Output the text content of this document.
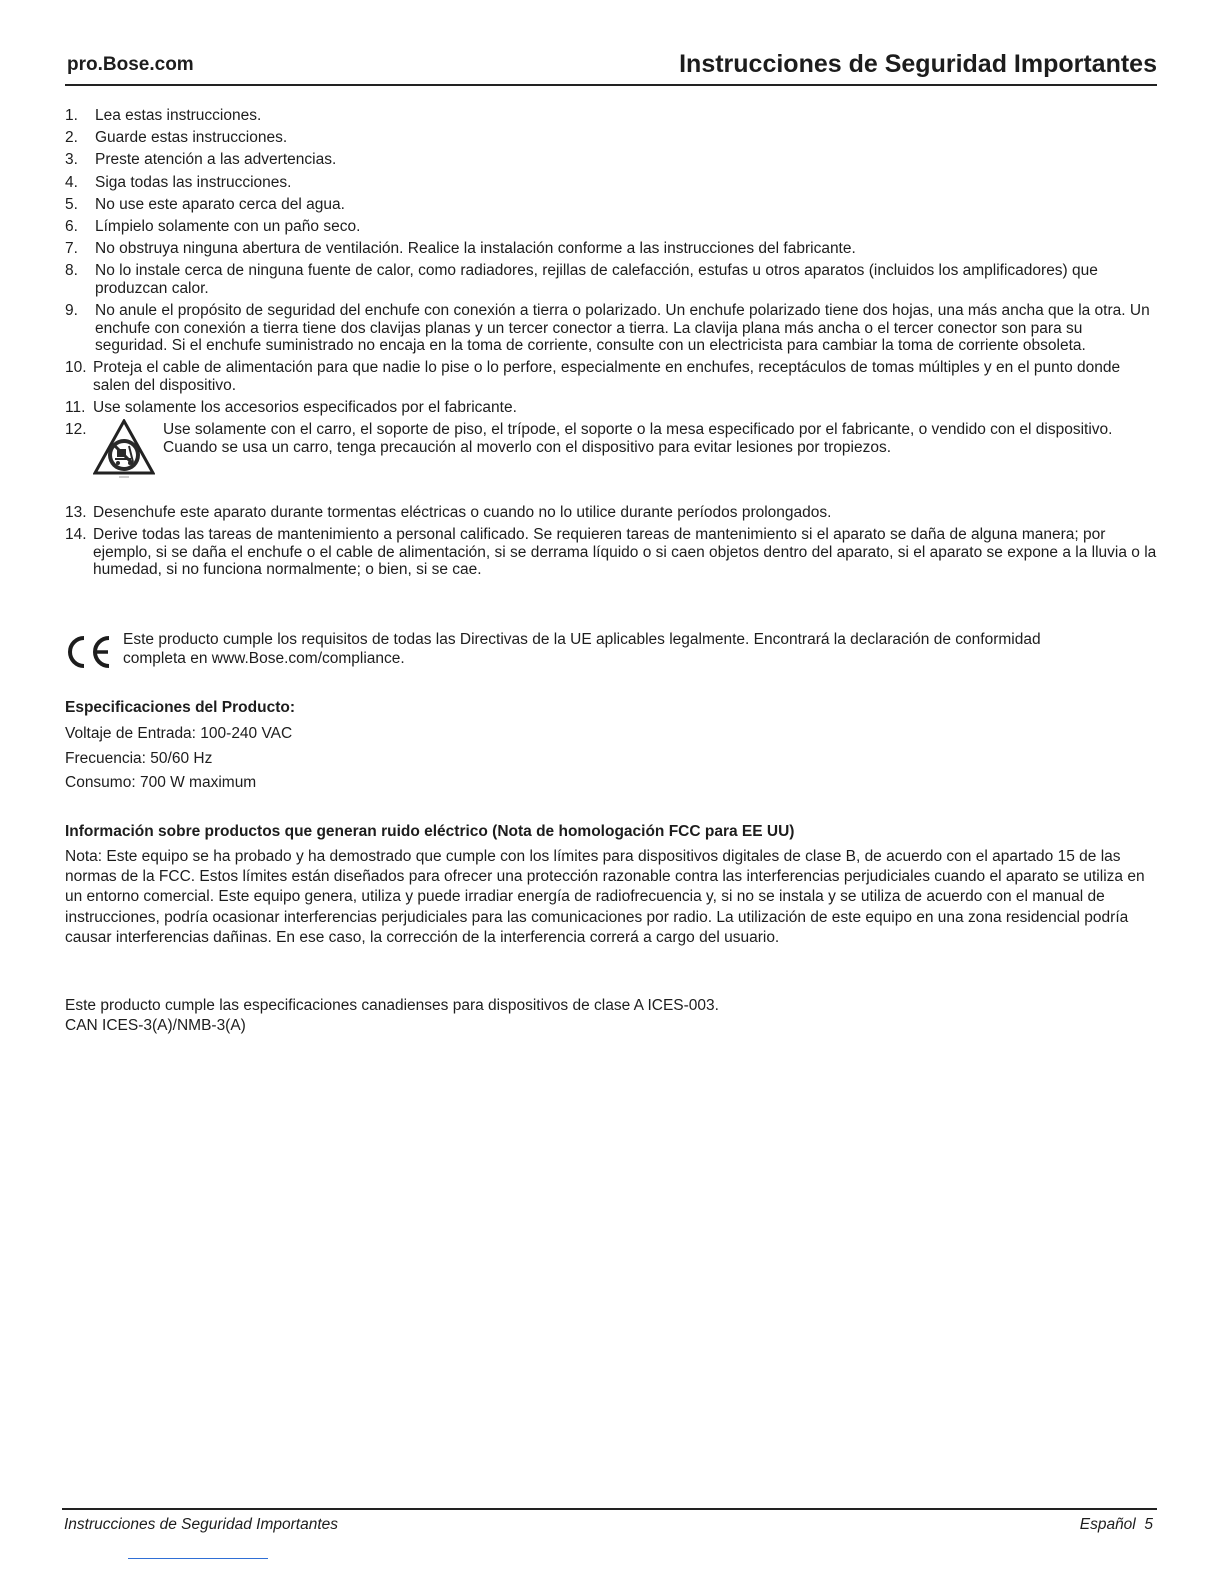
pro.Bose.com	Instrucciones de Seguridad Importantes
1. Lea estas instrucciones.
2. Guarde estas instrucciones.
3. Preste atención a las advertencias.
4. Siga todas las instrucciones.
5. No use este aparato cerca del agua.
6. Límpielo solamente con un paño seco.
7. No obstruya ninguna abertura de ventilación. Realice la instalación conforme a las instrucciones del fabricante.
8. No lo instale cerca de ninguna fuente de calor, como radiadores, rejillas de calefacción, estufas u otros aparatos (incluidos los amplificadores) que produzcan calor.
9. No anule el propósito de seguridad del enchufe con conexión a tierra o polarizado. Un enchufe polarizado tiene dos hojas, una más ancha que la otra. Un enchufe con conexión a tierra tiene dos clavijas planas y un tercer conector a tierra. La clavija plana más ancha o el tercer conector son para su seguridad. Si el enchufe suministrado no encaja en la toma de corriente, consulte con un electricista para cambiar la toma de corriente obsoleta.
10. Proteja el cable de alimentación para que nadie lo pise o lo perfore, especialmente en enchufes, receptáculos de tomas múltiples y en el punto donde salen del dispositivo.
11. Use solamente los accesorios especificados por el fabricante.
12.	Use solamente con el carro, el soporte de piso, el trípode, el soporte o la mesa especificado por el fabricante, o vendido con el dispositivo. Cuando se usa un carro, tenga precaución al moverlo con el dispositivo para evitar lesiones por tropiezos.
13. Desenchufe este aparato durante tormentas eléctricas o cuando no lo utilice durante períodos prolongados.
14. Derive todas las tareas de mantenimiento a personal calificado. Se requieren tareas de mantenimiento si el aparato se daña de alguna manera; por ejemplo, si se daña el enchufe o el cable de alimentación, si se derrama líquido o si caen objetos dentro del aparato, si el aparato se expone a la lluvia o la humedad, si no funciona normalmente; o bien, si se cae.
Este producto cumple los requisitos de todas las Directivas de la UE aplicables legalmente. Encontrará la declaración de conformidad completa en www.Bose.com/compliance.
Especificaciones del Producto:
Voltaje de Entrada: 100-240 VAC
Frecuencia: 50/60 Hz
Consumo: 700 W maximum
Información sobre productos que generan ruido eléctrico (Nota de homologación FCC para EE UU)
Nota: Este equipo se ha probado y ha demostrado que cumple con los límites para dispositivos digitales de clase B, de acuerdo con el apartado 15 de las normas de la FCC. Estos límites están diseñados para ofrecer una protección razonable contra las interferencias perjudiciales cuando el aparato se utiliza en un entorno comercial. Este equipo genera, utiliza y puede irradiar energía de radiofrecuencia y, si no se instala y se utiliza de acuerdo con el manual de instrucciones, podría ocasionar interferencias perjudiciales para las comunicaciones por radio. La utilización de este equipo en una zona residencial podría causar interferencias dañinas. En ese caso, la corrección de la interferencia correrá a cargo del usuario.
Este producto cumple las especificaciones canadienses para dispositivos de clase A ICES-003.
CAN ICES-3(A)/NMB-3(A)
Instrucciones de Seguridad Importantes	Español 5
